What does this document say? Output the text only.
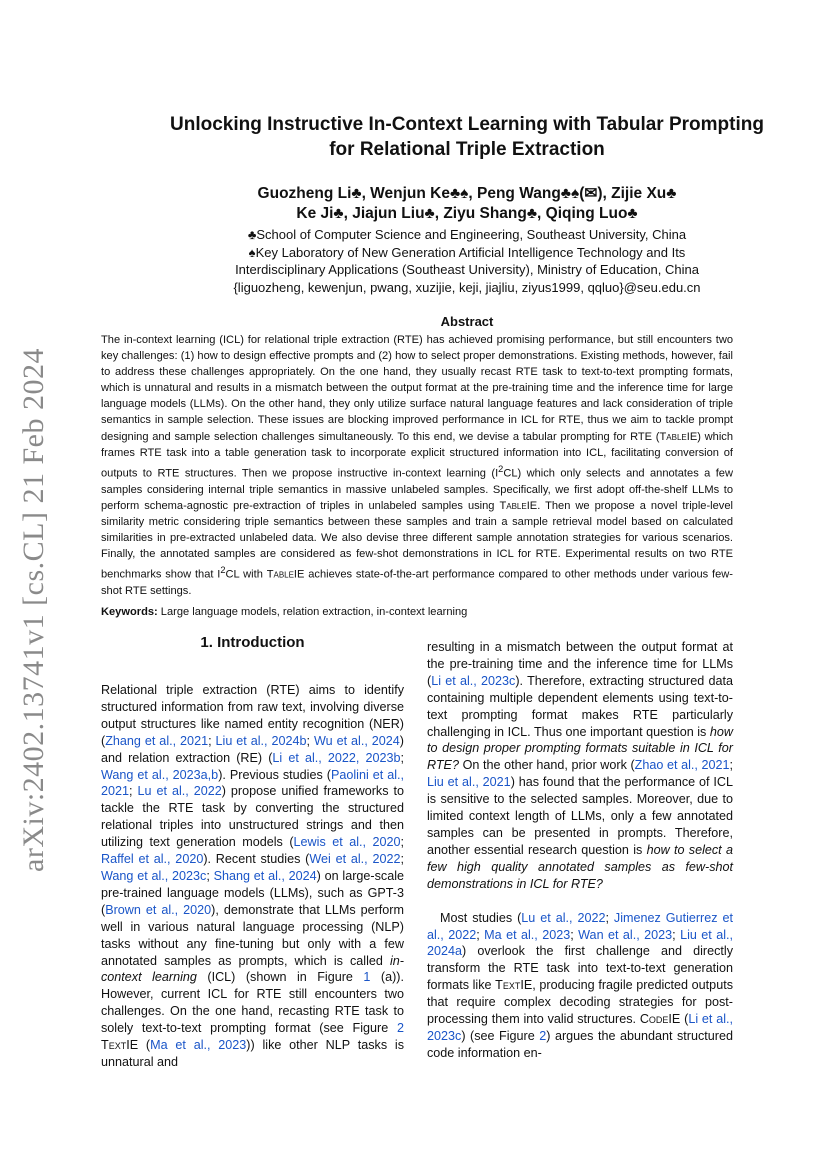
arXiv:2402.13741v1 [cs.CL] 21 Feb 2024
Unlocking Instructive In-Context Learning with Tabular Prompting
for Relational Triple Extraction
Guozheng Li♣, Wenjun Ke♣♠, Peng Wang♣♠(✉), Zijie Xu♣
Ke Ji♣, Jiajun Liu♣, Ziyu Shang♣, Qiqing Luo♣
♣School of Computer Science and Engineering, Southeast University, China
♠Key Laboratory of New Generation Artificial Intelligence Technology and Its
Interdisciplinary Applications (Southeast University), Ministry of Education, China
{liguozheng, kewenjun, pwang, xuzijie, keji, jiajliu, ziyus1999, qqluo}@seu.edu.cn
Abstract
The in-context learning (ICL) for relational triple extraction (RTE) has achieved promising performance, but still encounters two key challenges: (1) how to design effective prompts and (2) how to select proper demonstrations. Existing methods, however, fail to address these challenges appropriately. On the one hand, they usually recast RTE task to text-to-text prompting formats, which is unnatural and results in a mismatch between the output format at the pre-training time and the inference time for large language models (LLMs). On the other hand, they only utilize surface natural language features and lack consideration of triple semantics in sample selection. These issues are blocking improved performance in ICL for RTE, thus we aim to tackle prompt designing and sample selection challenges simultaneously. To this end, we devise a tabular prompting for RTE (TableIE) which frames RTE task into a table generation task to incorporate explicit structured information into ICL, facilitating conversion of outputs to RTE structures. Then we propose instructive in-context learning $(I^2CL)$ which only selects and annotates a few samples considering internal triple semantics in massive unlabeled samples. Specifically, we first adopt off-the-shelf LLMs to perform schema-agnostic pre-extraction of triples in unlabeled samples using TableIE. Then we propose a novel triple-level similarity metric considering triple semantics between these samples and train a sample retrieval model based on calculated similarities in pre-extracted unlabeled data. We also devise three different sample annotation strategies for various scenarios. Finally, the annotated samples are considered as few-shot demonstrations in ICL for RTE. Experimental results on two RTE benchmarks show that $I^2CL$ with TableIE achieves state-of-the-art performance compared to other methods under various few-shot RTE settings.
Keywords: Large language models, relation extraction, in-context learning
1. Introduction

Relational triple extraction (RTE) aims to identify structured information from raw text, involving diverse output structures like named entity recognition (NER) (Zhang et al., 2021; Liu et al., 2024b; Wu et al., 2024) and relation extraction (RE) (Li et al., 2022, 2023b; Wang et al., 2023a,b). Previous studies (Paolini et al., 2021; Lu et al., 2022) propose unified frameworks to tackle the RTE task by converting the structured relational triples into unstructured strings and then utilizing text generation models (Lewis et al., 2020; Raffel et al., 2020). Recent studies (Wei et al., 2022; Wang et al., 2023c; Shang et al., 2024) on large-scale pre-trained language models (LLMs), such as GPT-3 (Brown et al., 2020), demonstrate that LLMs perform well in various natural language processing (NLP) tasks without any fine-tuning but only with a few annotated samples as prompts, which is called in-context learning (ICL) (shown in Figure 1 (a)). However, current ICL for RTE still encounters two challenges. On the one hand, recasting RTE task to solely text-to-text prompting format (see Figure 2 TextIE (Ma et al., 2023)) like other NLP tasks is unnatural and

resulting in a mismatch between the output format at the pre-training time and the inference time for LLMs (Li et al., 2023c). Therefore, extracting structured data containing multiple dependent elements using text-to-text prompting format makes RTE particularly challenging in ICL. Thus one important question is how to design proper prompting formats suitable in ICL for RTE? On the other hand, prior work (Zhao et al., 2021; Liu et al., 2021) has found that the performance of ICL is sensitive to the selected samples. Moreover, due to limited context length of LLMs, only a few annotated samples can be presented in prompts. Therefore, another essential research question is how to select a few high quality annotated samples as few-shot demonstrations in ICL for RTE?

Most studies (Lu et al., 2022; Jimenez Gutierrez et al., 2022; Ma et al., 2023; Wan et al., 2023; Liu et al., 2024a) overlook the first challenge and directly transform the RTE task into text-to-text generation formats like TextIE, producing fragile predicted outputs that require complex decoding strategies for post-processing them into valid structures. CodeIE (Li et al., 2023c) (see Figure 2) argues the abundant structured code information en-
